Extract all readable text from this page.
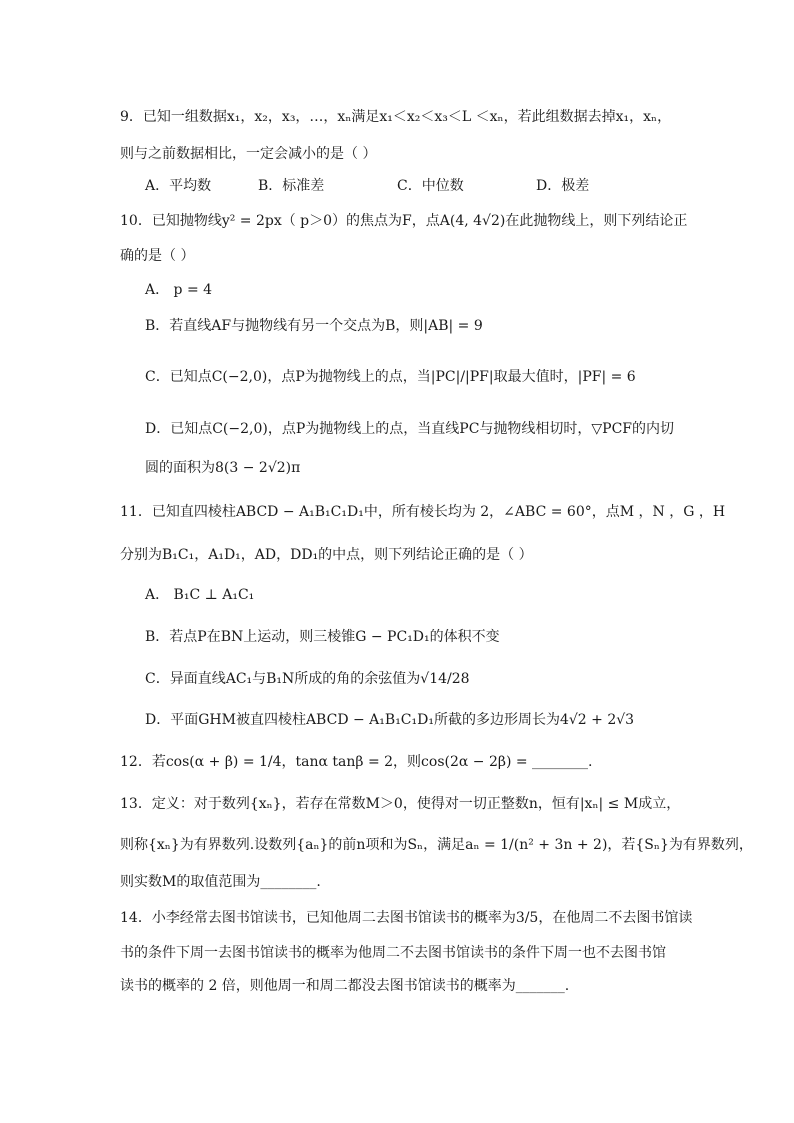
9．已知一组数据x₁，x₂，x₃，…，xₙ满足x₁＜x₂＜x₃＜L ＜xₙ，若此组数据去掉x₁，xₙ，
则与之前数据相比，一定会减小的是（ ）
A．平均数	B．标准差	C．中位数	D．极差
10．已知抛物线y² = 2px（ p＞0）的焦点为F，点A(4, 4√2)在此抛物线上，则下列结论正
确的是（ ）
A． p = 4
B．若直线AF与抛物线有另一个交点为B，则|AB| = 9
C．已知点C(−2,0)，点P为抛物线上的点，当|PC|/|PF|取最大值时，|PF| = 6
D．已知点C(−2,0)，点P为抛物线上的点，当直线PC与抛物线相切时，▽PCF的内切
圆的面积为8(3 − 2√2)π
11．已知直四棱柱ABCD − A₁B₁C₁D₁中，所有棱长均为 2，∠ABC = 60°，点M ，N ，G ，H
分别为B₁C₁，A₁D₁，AD，DD₁的中点，则下列结论正确的是（ ）
A． B₁C ⊥ A₁C₁
B．若点P在BN上运动，则三棱锥G − PC₁D₁的体积不变
C．异面直线AC₁与B₁N所成的角的余弦值为√14/28
D．平面GHM被直四棱柱ABCD − A₁B₁C₁D₁所截的多边形周长为4√2 + 2√3
12．若cos(α + β) = 1/4，tanα tanβ = 2，则cos(2α − 2β) = ________.
13．定义：对于数列{xₙ}，若存在常数M＞0，使得对一切正整数n，恒有|xₙ| ≤ M成立，
则称{xₙ}为有界数列.设数列{aₙ}的前n项和为Sₙ，满足aₙ = 1/(n² + 3n + 2)，若{Sₙ}为有界数列，
则实数M的取值范围为________.
14．小李经常去图书馆读书，已知他周二去图书馆读书的概率为3/5，在他周二不去图书馆读
书的条件下周一去图书馆读书的概率为他周二不去图书馆读书的条件下周一也不去图书馆
读书的概率的 2 倍，则他周一和周二都没去图书馆读书的概率为_______.
